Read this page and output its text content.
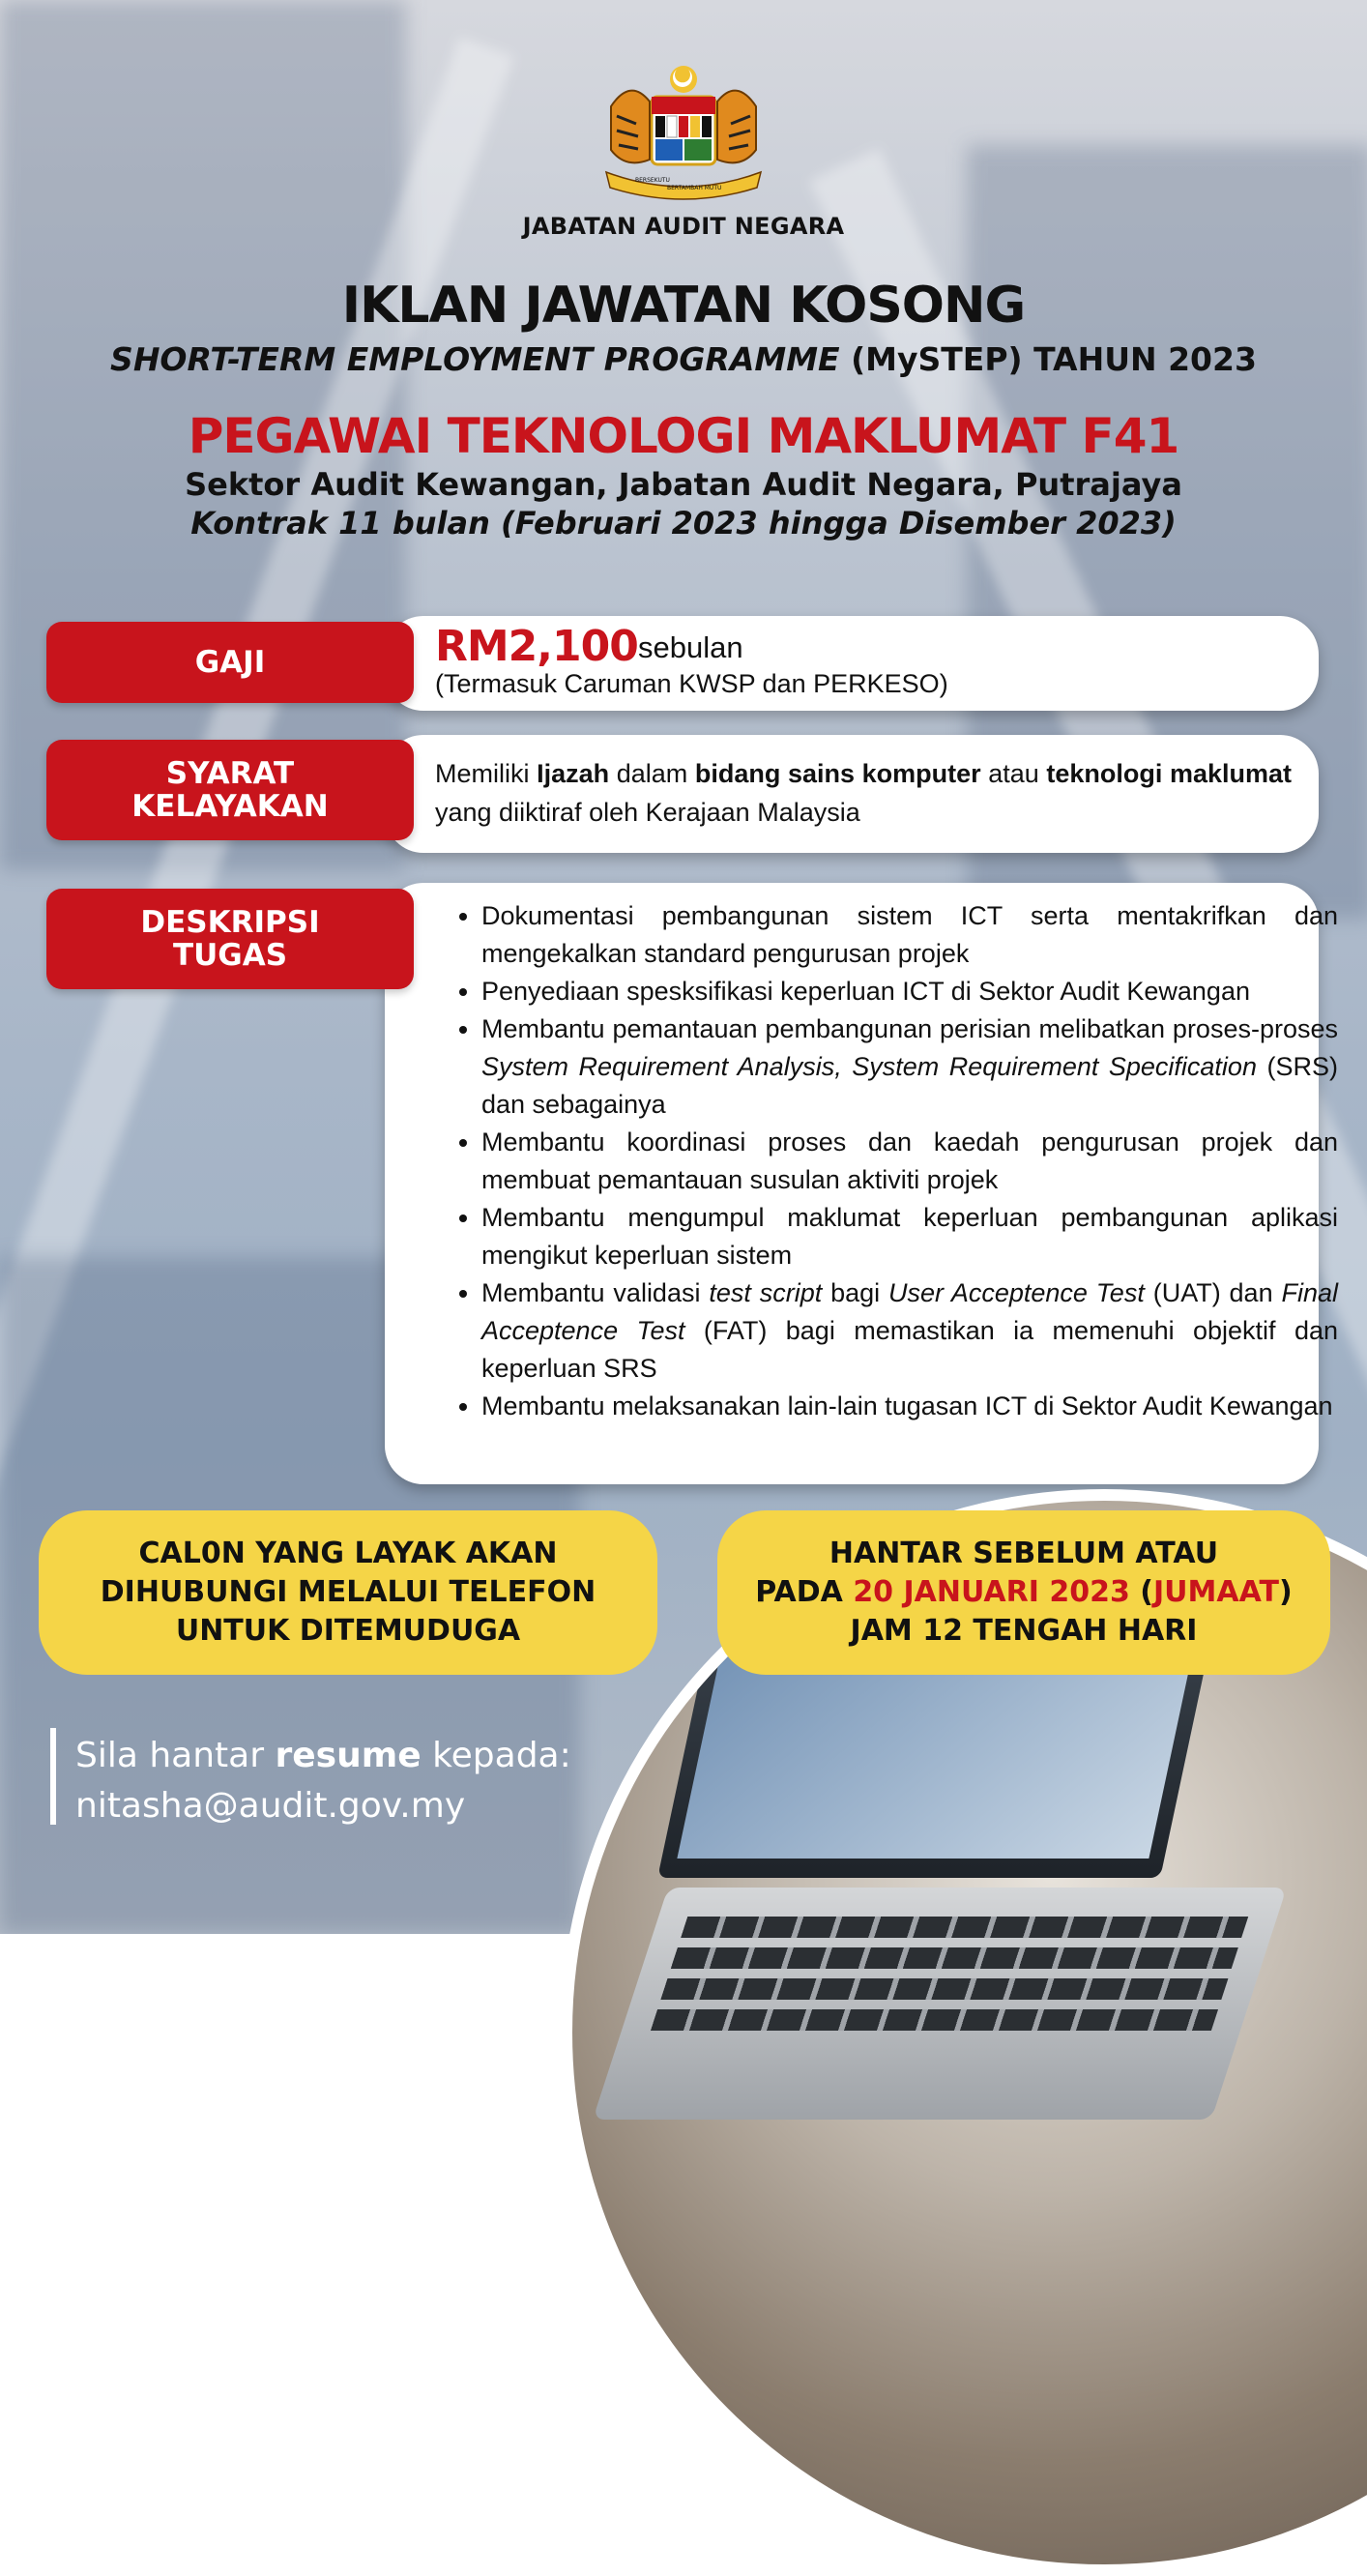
BERSEKUTU
BERTAMBAH MUTU
JABATAN AUDIT NEGARA
IKLAN JAWATAN KOSONG
SHORT-TERM EMPLOYMENT PROGRAMME (MySTEP) TAHUN 2023
PEGAWAI TEKNOLOGI MAKLUMAT F41
Sektor Audit Kewangan, Jabatan Audit Negara, Putrajaya
Kontrak 11 bulan (Februari 2023 hingga Disember 2023)
GAJI	RM2,100 sebulan
(Termasuk Caruman KWSP dan PERKESO)
SYARAT
KELAYAKAN
Memiliki Ijazah dalam bidang sains komputer atau teknologi maklumat yang diiktiraf oleh Kerajaan Malaysia
DESKRIPSI
TUGAS
• Dokumentasi pembangunan sistem ICT serta mentakrifkan dan mengekalkan standard pengurusan projek
• Penyediaan spesksifikasi keperluan ICT di Sektor Audit Kewangan
• Membantu pemantauan pembangunan perisian melibatkan proses-proses System Requirement Analysis, System Requirement Specification (SRS) dan sebagainya
• Membantu koordinasi proses dan kaedah pengurusan projek dan membuat pemantauan susulan aktiviti projek
• Membantu mengumpul maklumat keperluan pembangunan aplikasi mengikut keperluan sistem
• Membantu validasi test script bagi User Acceptence Test (UAT) dan Final Acceptence Test (FAT) bagi memastikan ia memenuhi objektif dan keperluan SRS
• Membantu melaksanakan lain-lain tugasan ICT di Sektor Audit Kewangan
CAL0N YANG LAYAK AKAN
DIHUBUNGI MELALUI TELEFON
UNTUK DITEMUDUGA
HANTAR SEBELUM ATAU
PADA 20 JANUARI 2023 (JUMAAT)
JAM 12 TENGAH HARI
Sila hantar resume kepada:
nitasha@audit.gov.my
